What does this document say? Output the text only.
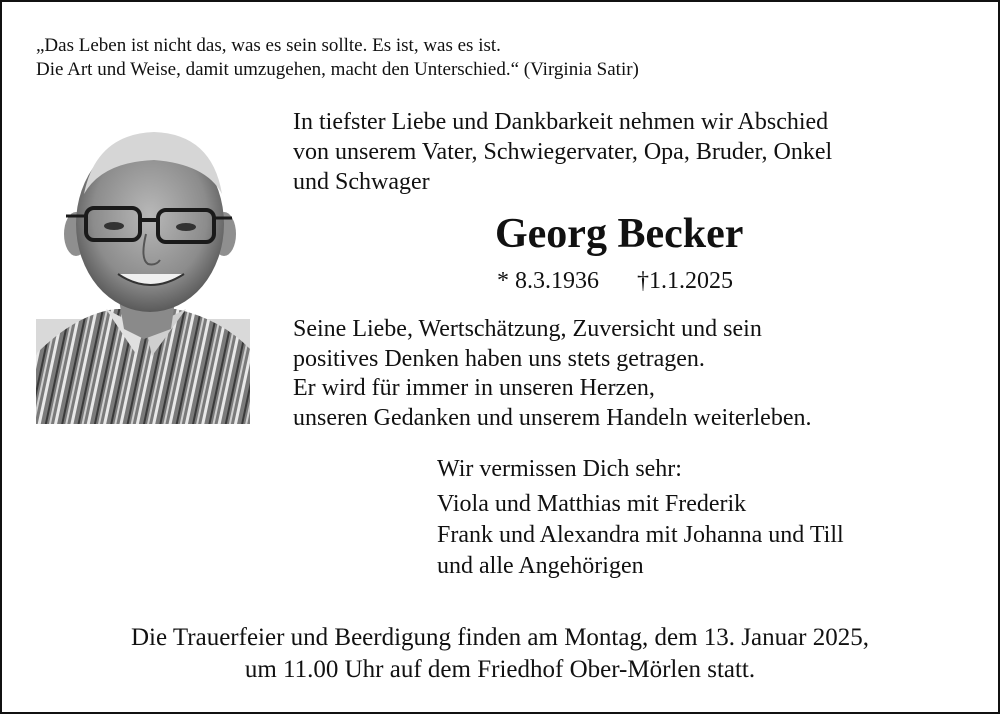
„Das Leben ist nicht das, was es sein sollte. Es ist, was es ist.
Die Art und Weise, damit umzugehen, macht den Unterschied.“ (Virginia Satir)
In tiefster Liebe und Dankbarkeit nehmen wir Abschied
von unserem Vater, Schwiegervater, Opa, Bruder, Onkel
und Schwager
Georg Becker
* 8.3.1936 †1.1.2025
Seine Liebe, Wertschätzung, Zuversicht und sein
positives Denken haben uns stets getragen.
Er wird für immer in unseren Herzen,
unseren Gedanken und unserem Handeln weiterleben.
Wir vermissen Dich sehr:
Viola und Matthias mit Frederik
Frank und Alexandra mit Johanna und Till
und alle Angehörigen
Die Trauerfeier und Beerdigung finden am Montag, dem 13. Januar 2025,
um 11.00 Uhr auf dem Friedhof Ober-Mörlen statt.
